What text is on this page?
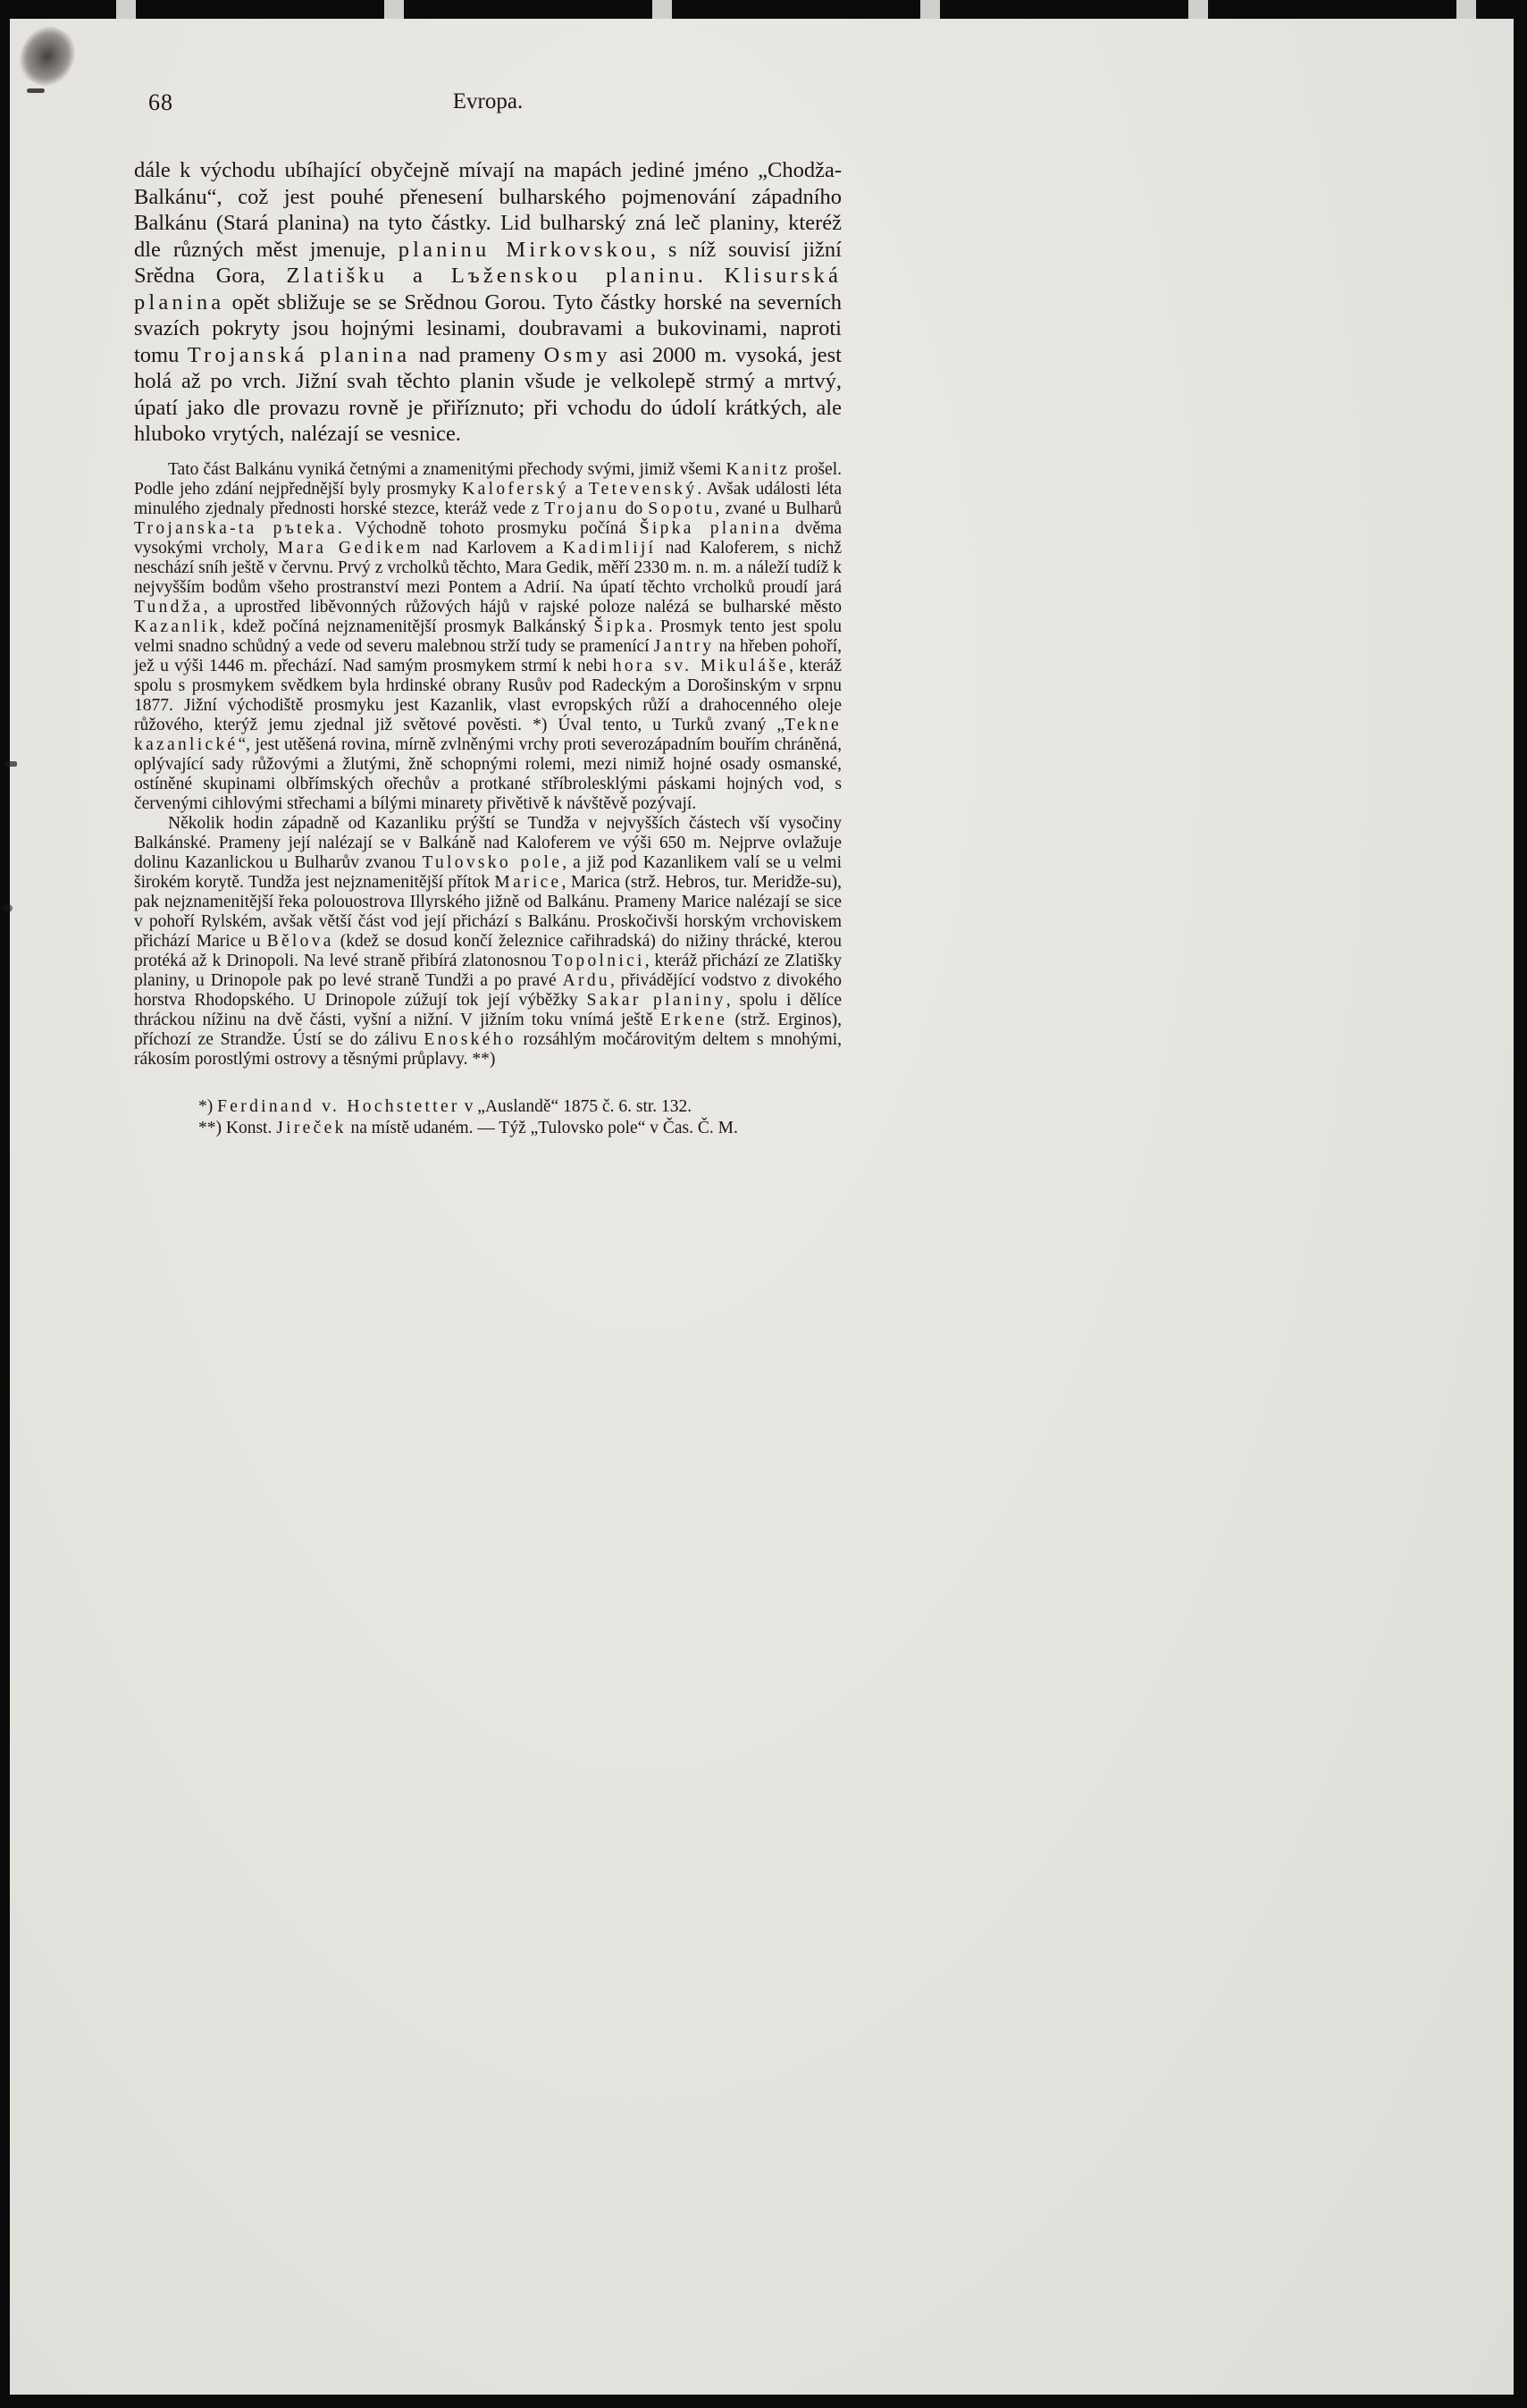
68	Evropa.

dále k východu ubíhající obyčejně mívají na mapách jediné jméno „Chodža-Balkánu“, což jest pouhé přenesení bulharského pojmenování západního Balkánu (Stará planina) na tyto částky. Lid bulharský zná leč planiny, kteréž dle různých měst jmenuje, planinu Mirkovskou, s níž souvisí jižní Srědna Gora, Zlatišku a Lъženskou planinu. Klisurská planina opět sbližuje se se Srědnou Gorou. Tyto částky horské na severních svazích pokryty jsou hojnými lesinami, doubravami a bukovinami, naproti tomu Trojanská planina nad prameny Osmy asi 2000 m. vysoká, jest holá až po vrch. Jižní svah těchto planin všude je velkolepě strmý a mrtvý, úpatí jako dle provazu rovně je přiříznuto; při vchodu do údolí krátkých, ale hluboko vrytých, nalézají se vesnice.

Tato část Balkánu vyniká četnými a znamenitými přechody svými, jimiž všemi Kanitz prošel. Podle jeho zdání nejpřednější byly prosmyky Kaloferský a Tetevenský. Avšak události léta minulého zjednaly přednosti horské stezce, kteráž vede z Trojanu do Sopotu, zvané u Bulharů Trojanska-ta pъteka. Východně tohoto prosmyku počíná Šipka planina dvěma vysokými vrcholy, Mara Gedikem nad Karlovem a Kadimlijí nad Kaloferem, s nichž neschází sníh ještě v červnu. Prvý z vrcholků těchto, Mara Gedik, měří 2330 m. n. m. a náleží tudíž k nejvyšším bodům všeho prostranství mezi Pontem a Adrií. Na úpatí těchto vrcholků proudí jará Tundža, a uprostřed liběvonných růžových hájů v rajské poloze nalézá se bulharské město Kazanlik, kdež počíná nejznamenitější prosmyk Balkánský Šipka. Prosmyk tento jest spolu velmi snadno schůdný a vede od severu malebnou strží tudy se pramenící Jantry na hřeben pohoří, jež u výši 1446 m. přechází. Nad samým prosmykem strmí k nebi hora sv. Mikuláše, kteráž spolu s prosmykem svědkem byla hrdinské obrany Rusův pod Radeckým a Dorošinským v srpnu 1877. Jižní východiště prosmyku jest Kazanlik, vlast evropských růží a drahocenného oleje růžového, kterýž jemu zjednal již světové pověsti. *) Úval tento, u Turků zvaný „Tekne kazanlické“, jest utěšená rovina, mírně zvlněnými vrchy proti severozápadním bouřím chráněná, oplývající sady růžovými a žlutými, žně schopnými rolemi, mezi nimiž hojné osady osmanské, ostíněné skupinami olbřímských ořechův a protkané stříbrolesklými páskami hojných vod, s červenými cihlovými střechami a bílými minarety přivětivě k návštěvě pozývají.

Několik hodin západně od Kazanliku prýští se Tundža v nejvyšších částech vší vysočiny Balkánské. Prameny její nalézají se v Balkáně nad Kaloferem ve výši 650 m. Nejprve ovlažuje dolinu Kazanlickou u Bulharův zvanou Tulovsko pole, a již pod Kazanlikem valí se u velmi širokém korytě. Tundža jest nejznamenitější přítok Marice, Marica (strž. Hebros, tur. Meridže-su), pak nejznamenitější řeka polouostrova Illyrského jižně od Balkánu. Prameny Marice nalézají se sice v pohoří Rylském, avšak větší část vod její přichází s Balkánu. Proskočivši horským vrchoviskem přichází Marice u Bělova (kdež se dosud končí železnice cařihradská) do nižiny thrácké, kterou protéká až k Drinopoli. Na levé straně přibírá zlatonosnou Topolnici, kteráž přichází ze Zlatišky planiny, u Drinopole pak po levé straně Tundži a po pravé Ardu, přivádějící vodstvo z divokého horstva Rhodopského. U Drinopole zúžují tok její výběžky Sakar planiny, spolu i dělíce thráckou nížinu na dvě části, vyšní a nižní. V jižním toku vnímá ještě Erkene (strž. Erginos), příchozí ze Strandže. Ústí se do zálivu Enoského rozsáhlým močárovitým deltem s mnohými, rákosím porostlými ostrovy a těsnými průplavy. **)

*) Ferdinand v. Hochstetter v „Auslandě“ 1875 č. 6. str. 132.

**) Konst. Jireček na místě udaném. — Týž „Tulovsko pole“ v Čas. Č. M.
